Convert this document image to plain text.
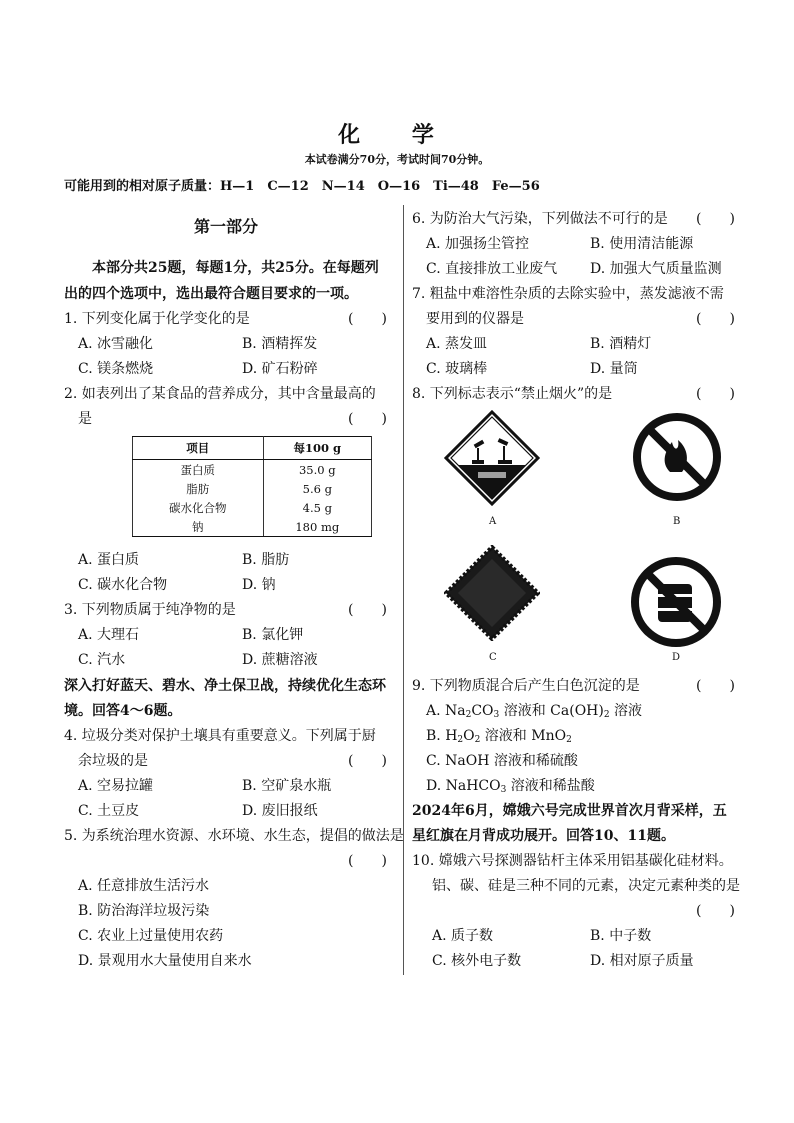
化 学
本试卷满分70分，考试时间70分钟。
可能用到的相对原子质量：H—1　C—12　N—14　O—16　Ti—48　Fe—56
第一部分
本部分共25题，每题1分，共25分。在每题列
出的四个选项中，选出最符合题目要求的一项。
1. 下列变化属于化学变化的是	(　　)
A. 冰雪融化	B. 酒精挥发
C. 镁条燃烧	D. 矿石粉碎
2. 如表列出了某食品的营养成分，其中含量最高的
是	(　　)
项目	每100 g
蛋白质	35.0 g
脂肪	5.6 g
碳水化合物	4.5 g
钠	180 mg
A. 蛋白质	B. 脂肪
C. 碳水化合物	D. 钠
3. 下列物质属于纯净物的是	(　　)
A. 大理石	B. 氯化钾
C. 汽水	D. 蔗糖溶液
深入打好蓝天、碧水、净土保卫战，持续优化生态环
境。回答4～6题。
4. 垃圾分类对保护土壤具有重要意义。下列属于厨
余垃圾的是	(　　)
A. 空易拉罐	B. 空矿泉水瓶
C. 土豆皮	D. 废旧报纸
5. 为系统治理水资源、水环境、水生态，提倡的做法是
(　　)
A. 任意排放生活污水
B. 防治海洋垃圾污染
C. 农业上过量使用农药
D. 景观用水大量使用自来水
6. 为防治大气污染，下列做法不可行的是 (　　)
A. 加强扬尘管控	B. 使用清洁能源
C. 直接排放工业废气 D. 加强大气质量监测
7. 粗盐中难溶性杂质的去除实验中，蒸发滤液不需
要用到的仪器是	(　　)
A. 蒸发皿	B. 酒精灯
C. 玻璃棒	D. 量筒
8. 下列标志表示“禁止烟火”的是	(　　)
A	B
C	D
9. 下列物质混合后产生白色沉淀的是	(　　)
A. $Na_2CO_3$ 溶液和 $Ca(OH)_2$ 溶液
B. $H_2O_2$ 溶液和 MnO$_2$
C. NaOH 溶液和稀硫酸
D. NaHCO$_3$ 溶液和稀盐酸
2024年6月，嫦娥六号完成世界首次月背采样，五
星红旗在月背成功展开。回答10、11题。
10. 嫦娥六号探测器钻杆主体采用铝基碳化硅材料。
铝、碳、硅是三种不同的元素，决定元素种类的是
(　　)
A. 质子数	B. 中子数
C. 核外电子数	D. 相对原子质量
